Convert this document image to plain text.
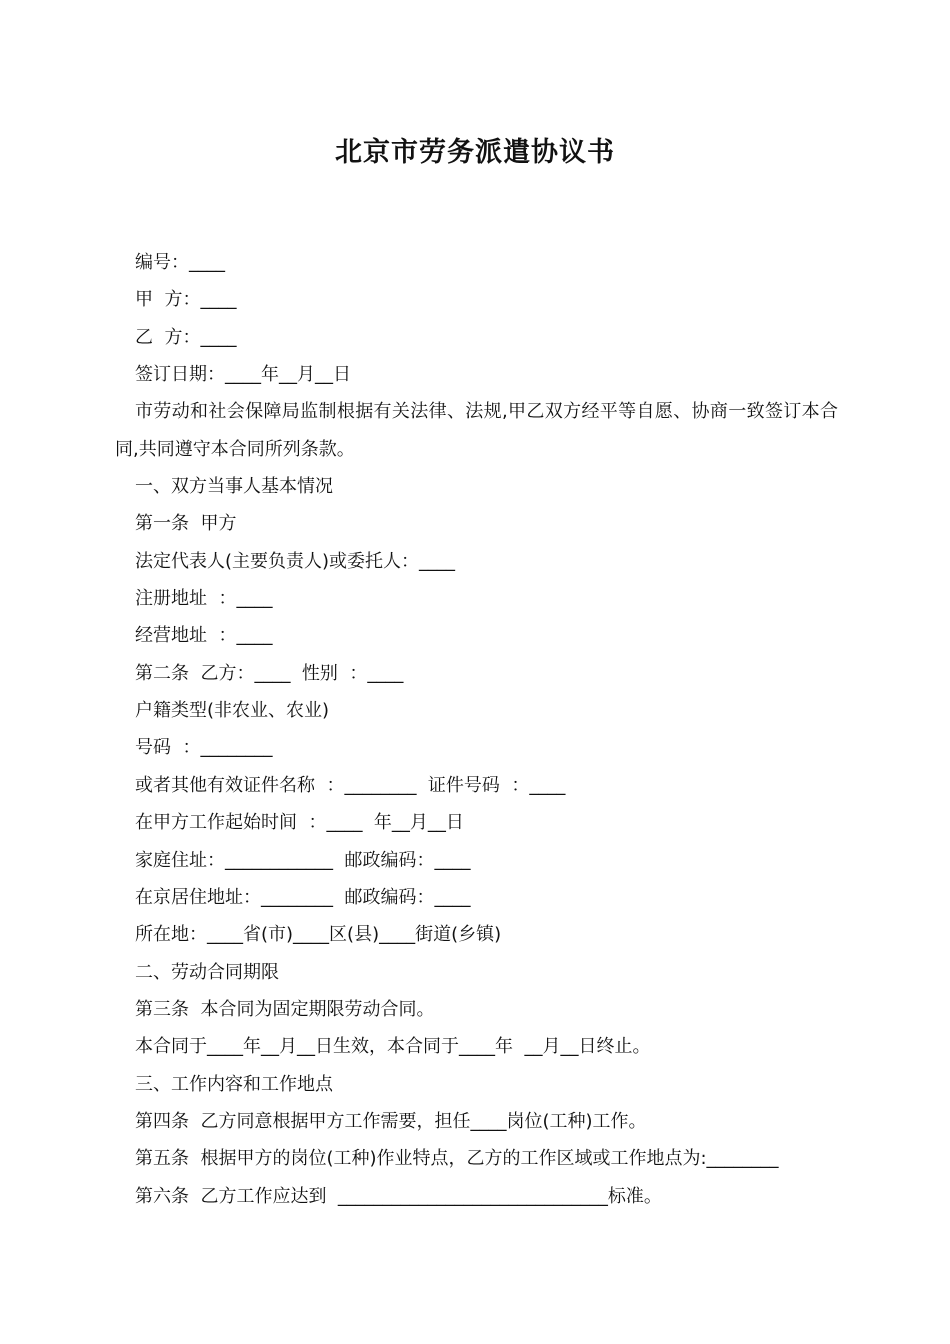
北京市劳务派遣协议书

编号：____

甲  方：____

乙  方：____

签订日期：____年__月__日

市劳动和社会保障局监制根据有关法律、法规,甲乙双方经平等自愿、协商一致签订本合同,共同遵守本合同所列条款。

一、双方当事人基本情况

第一条  甲方

法定代表人(主要负责人)或委托人：____

注册地址  ：____

经营地址  ：____

第二条  乙方：____  性别  ：____

户籍类型(非农业、农业)

号码  ：________

或者其他有效证件名称  ：________  证件号码  ：____

在甲方工作起始时间  ：____  年__月__日

家庭住址：____________  邮政编码：____

在京居住地址：________  邮政编码：____

所在地：____省(市)____区(县)____街道(乡镇)

二、劳动合同期限

第三条  本合同为固定期限劳动合同。

本合同于____年__月__日生效，本合同于____年  __月__日终止。

三、工作内容和工作地点

第四条  乙方同意根据甲方工作需要，担任____岗位(工种)工作。

第五条  根据甲方的岗位(工种)作业特点，乙方的工作区域或工作地点为:________

第六条  乙方工作应达到  ______________________________标准。
